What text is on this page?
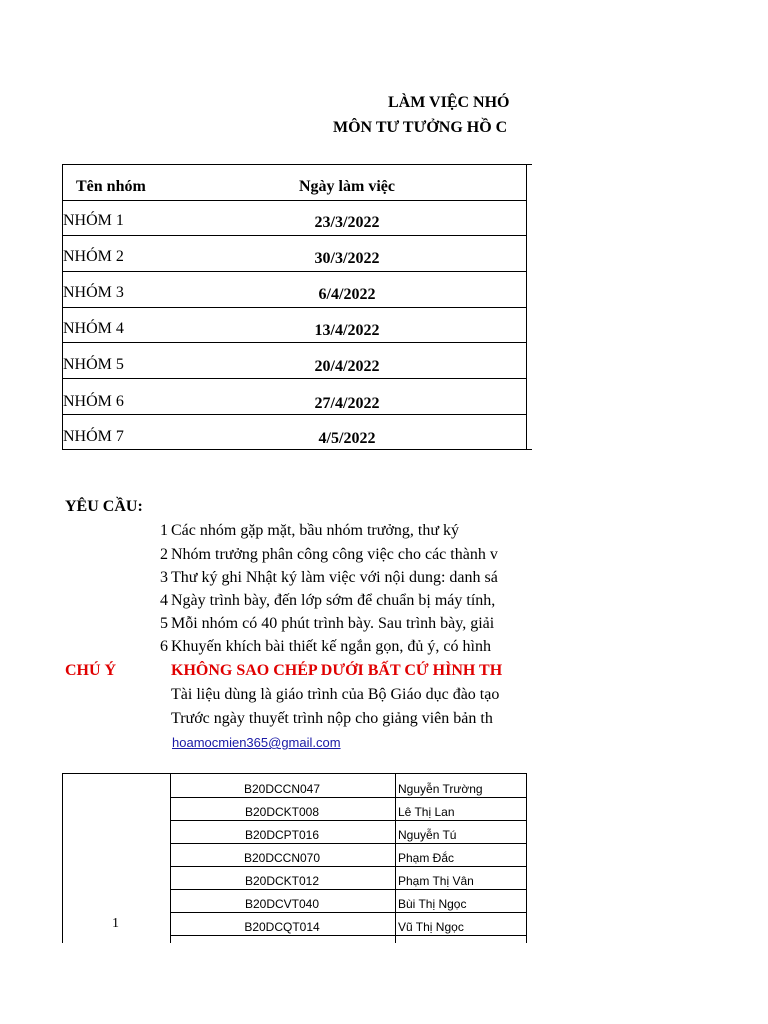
LÀM VIỆC NHÓ
MÔN TƯ TƯỞNG HỒ C
Tên nhóm	Ngày làm việc
NHÓM 1	23/3/2022
NHÓM 2	30/3/2022
NHÓM 3	6/4/2022
NHÓM 4	13/4/2022
NHÓM 5	20/4/2022
NHÓM 6	27/4/2022
NHÓM 7	4/5/2022
YÊU CẦU:
1 Các nhóm gặp mặt, bầu nhóm trưởng, thư ký
2 Nhóm trưởng phân công công việc cho các thành v
3 Thư ký ghi Nhật ký làm việc với nội dung: danh sá
4 Ngày trình bày, đến lớp sớm để chuẩn bị máy tính,
5 Mỗi nhóm có 40 phút trình bày. Sau trình bày, giải
6 Khuyến khích bài thiết kế ngắn gọn, đủ ý, có hình
CHÚ Ý	KHÔNG SAO CHÉP DƯỚI BẤT CỨ HÌNH TH
Tài liệu dùng là giáo trình của Bộ Giáo dục đào tạo
Trước ngày thuyết trình nộp cho giảng viên bản th
hoamocmien365@gmail.com
1
B20DCCN047	Nguyễn Trường
B20DCKT008	Lê Thị Lan
B20DCPT016	Nguyễn Tú
B20DCCN070	Phạm Đắc
B20DCKT012	Phạm Thị Vân
B20DCVT040	Bùi Thị Ngọc
B20DCQT014	Vũ Thị Ngọc
